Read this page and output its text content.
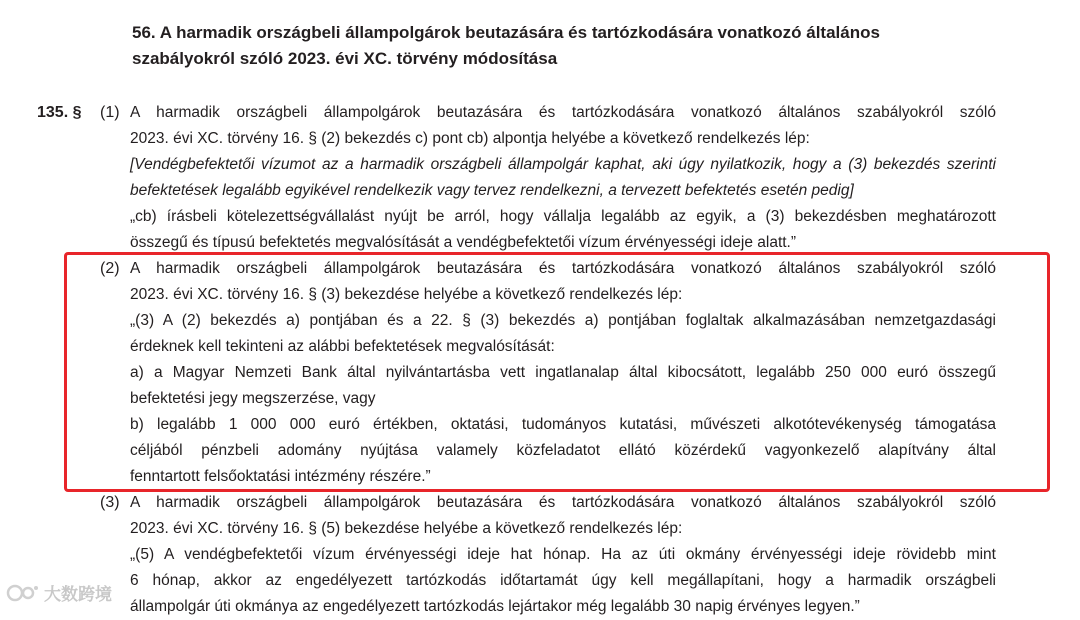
56. A harmadik országbeli állampolgárok beutazására és tartózkodására vonatkozó általános
szabályokról szóló 2023. évi XC. törvény módosítása
135. § (1) A harmadik országbeli állampolgárok beutazására és tartózkodására vonatkozó általános szabályokról szóló
2023. évi XC. törvény 16. § (2) bekezdés c) pont cb) alpontja helyébe a következő rendelkezés lép:
[Vendégbefektetői vízumot az a harmadik országbeli állampolgár kaphat, aki úgy nyilatkozik, hogy a (3) bekezdés szerinti
befektetések legalább egyikével rendelkezik vagy tervez rendelkezni, a tervezett befektetés esetén pedig]
„cb) írásbeli kötelezettségvállalást nyújt be arról, hogy vállalja legalább az egyik, a (3) bekezdésben meghatározott
összegű és típusú befektetés megvalósítását a vendégbefektetői vízum érvényességi ideje alatt.”
(2) A harmadik országbeli állampolgárok beutazására és tartózkodására vonatkozó általános szabályokról szóló
2023. évi XC. törvény 16. § (3) bekezdése helyébe a következő rendelkezés lép:
„(3) A (2) bekezdés a) pontjában és a 22. § (3) bekezdés a) pontjában foglaltak alkalmazásában nemzetgazdasági
érdeknek kell tekinteni az alábbi befektetések megvalósítását:
a) a Magyar Nemzeti Bank által nyilvántartásba vett ingatlanalap által kibocsátott, legalább 250 000 euró összegű
befektetési jegy megszerzése, vagy
b) legalább 1 000 000 euró értékben, oktatási, tudományos kutatási, művészeti alkotótevékenység támogatása
céljából pénzbeli adomány nyújtása valamely közfeladatot ellátó közérdekű vagyonkezelő alapítvány által
fenntartott felsőoktatási intézmény részére.”
(3) A harmadik országbeli állampolgárok beutazására és tartózkodására vonatkozó általános szabályokról szóló
2023. évi XC. törvény 16. § (5) bekezdése helyébe a következő rendelkezés lép:
„(5) A vendégbefektetői vízum érvényességi ideje hat hónap. Ha az úti okmány érvényességi ideje rövidebb mint
6 hónap, akkor az engedélyezett tartózkodás időtartamát úgy kell megállapítani, hogy a harmadik országbeli
állampolgár úti okmánya az engedélyezett tartózkodás lejártakor még legalább 30 napig érvényes legyen.”
大数跨境
